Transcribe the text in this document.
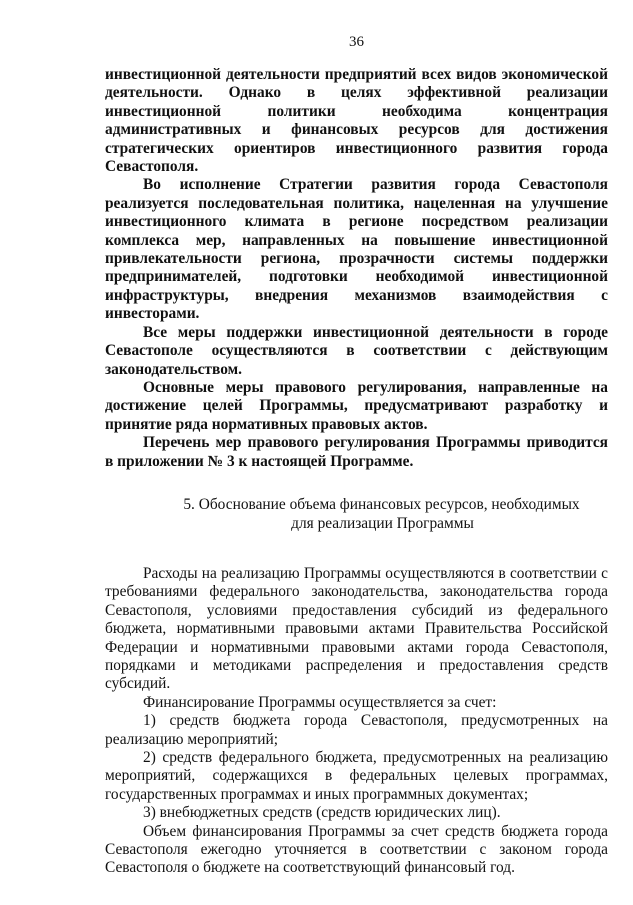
36

инвестиционной деятельности предприятий всех видов экономической деятельности. Однако в целях эффективной реализации инвестиционной политики необходима концентрация административных и финансовых ресурсов для достижения стратегических ориентиров инвестиционного развития города Севастополя.

Во исполнение Стратегии развития города Севастополя реализуется последовательная политика, нацеленная на улучшение инвестиционного климата в регионе посредством реализации комплекса мер, направленных на повышение инвестиционной привлекательности региона, прозрачности системы поддержки предпринимателей, подготовки необходимой инвестиционной инфраструктуры, внедрения механизмов взаимодействия с инвесторами.

Все меры поддержки инвестиционной деятельности в городе Севастополе осуществляются в соответствии с действующим законодательством.

Основные меры правового регулирования, направленные на достижение целей Программы, предусматривают разработку и принятие ряда нормативных правовых актов.

Перечень мер правового регулирования Программы приводится в приложении № 3 к настоящей Программе.

5. Обоснование объема финансовых ресурсов, необходимых
для реализации Программы

Расходы на реализацию Программы осуществляются в соответствии с требованиями федерального законодательства, законодательства города Севастополя, условиями предоставления субсидий из федерального бюджета, нормативными правовыми актами Правительства Российской Федерации и нормативными правовыми актами города Севастополя, порядками и методиками распределения и предоставления средств субсидий.

Финансирование Программы осуществляется за счет:

1) средств бюджета города Севастополя, предусмотренных на реализацию мероприятий;

2) средств федерального бюджета, предусмотренных на реализацию мероприятий, содержащихся в федеральных целевых программах, государственных программах и иных программных документах;

3) внебюджетных средств (средств юридических лиц).

Объем финансирования Программы за счет средств бюджета города Севастополя ежегодно уточняется в соответствии с законом города Севастополя о бюджете на соответствующий финансовый год.
